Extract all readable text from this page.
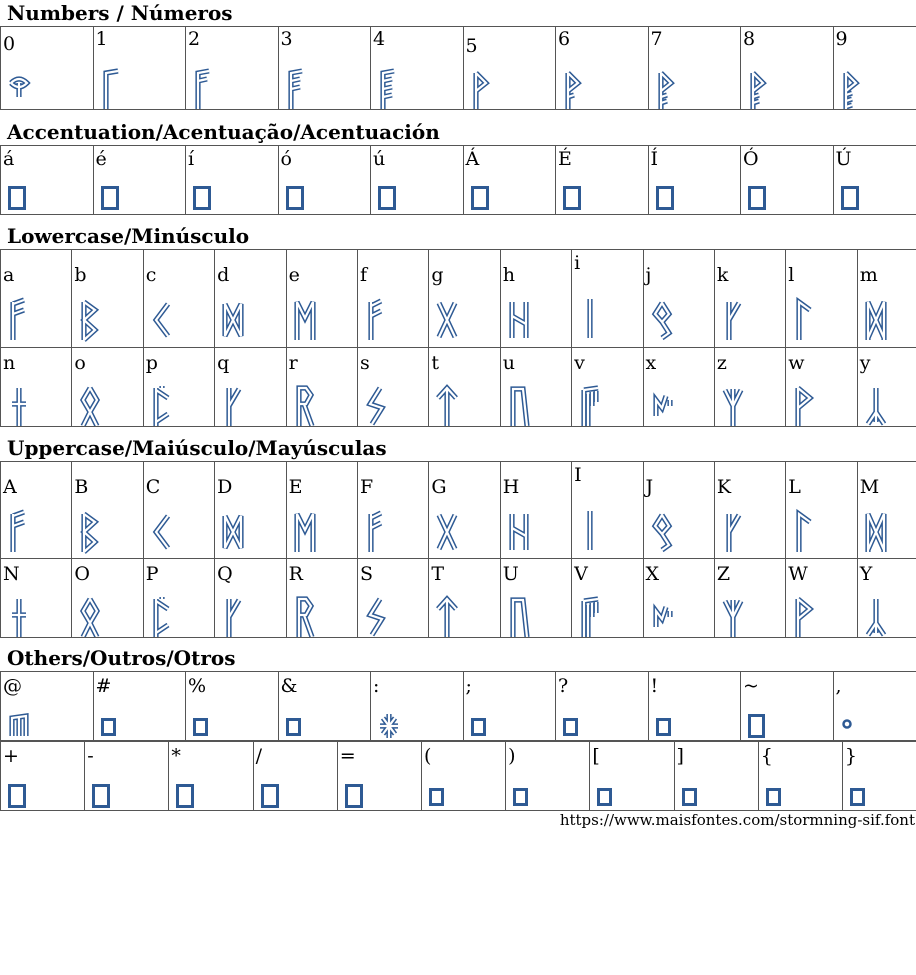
Numbers / Números
0	1	2	3	4	5	6	7	8	9
Accentuation/Acentuação/Acentuación
á	é	í	ó	ú	Á	É	Í	Ó	Ú
Lowercase/Minúsculo
a	b	c	d	e	f	g	h	i	j	k	l	m

n	o	p	q	r	s	t	u	v	x	z	w	y
Uppercase/Maiúsculo/Mayúsculas
A	B	C	D	E	F	G	H	I	J	K	L	M

N	O	P	Q	R	S	T	U	V	X	Z	W	Y
Others/Outros/Otros
@	#	%	&	:	;	?	!	~	,
+	-	*	/	=	(	)	[	]	{	}
https://www.maisfontes.com/stormning-sif.font
